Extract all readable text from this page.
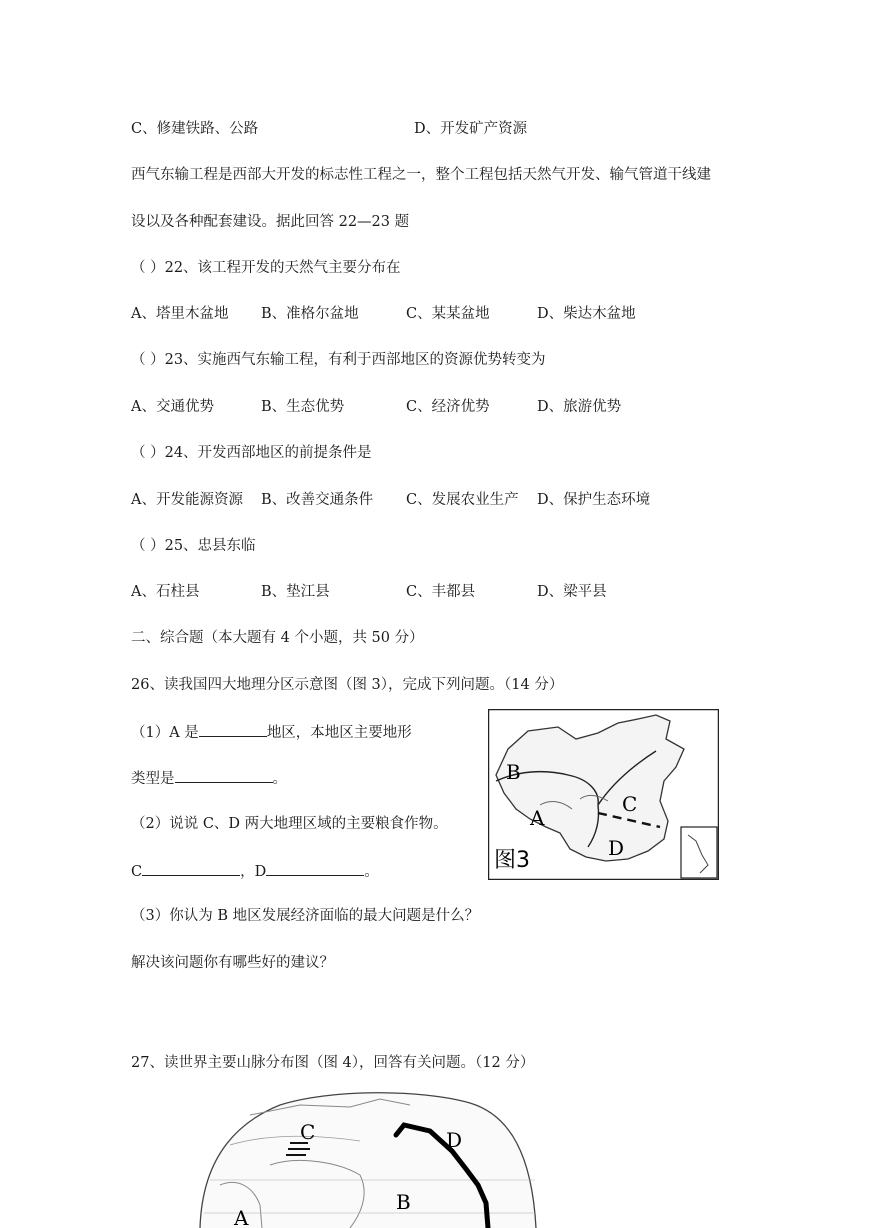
C、修建铁路、公路	D、开发矿产资源
西气东输工程是西部大开发的标志性工程之一，整个工程包括天然气开发、输气管道干线建
设以及各种配套建设。据此回答 22—23 题
（ ）22、该工程开发的天然气主要分布在
A、塔里木盆地 B、准格尔盆地	C、某某盆地	D、柴达木盆地
（ ）23、实施西气东输工程，有利于西部地区的资源优势转变为
A、交通优势	B、生态优势	C、经济优势	D、旅游优势
（ ）24、开发西部地区的前提条件是
A、开发能源资源 B、改善交通条件 C、发展农业生产 D、保护生态环境
（ ）25、忠县东临
A、石柱县	B、垫江县	C、丰都县	D、梁平县
二、综合题（本大题有 4 个小题，共 50 分）
26、读我国四大地理分区示意图（图 3），完成下列问题。（14 分）
（1）A 是	地区，本地区主要地形
类型是	。
（2）说说 C、D 两大地理区域的主要粮食作物。
C	，D	。
（3）你认为 B 地区发展经济面临的最大问题是什么？
解决该问题你有哪些好的建议？
B
A
C
D
图3
27、读世界主要山脉分布图（图 4），回答有关问题。（12 分）
C	D
B
A
